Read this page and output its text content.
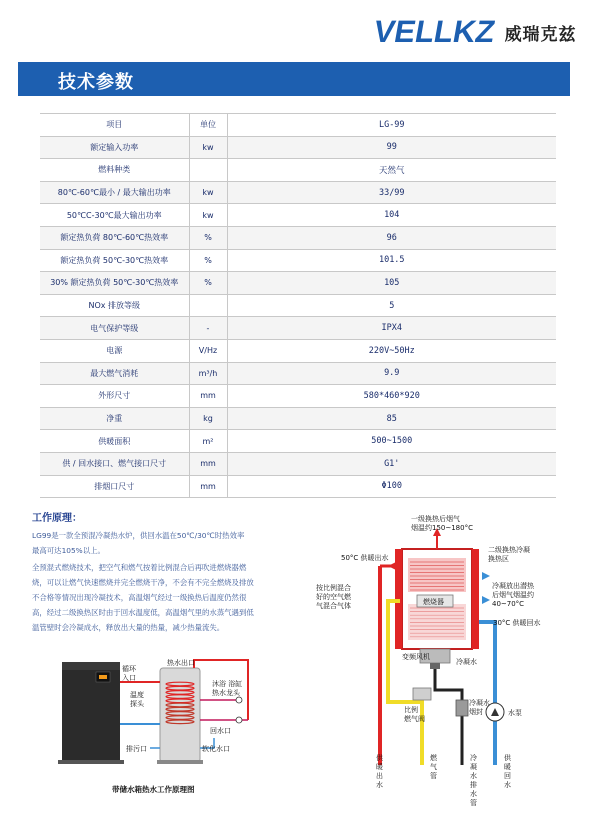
VELLKZ 威瑞克兹
技术参数
项目	单位	LG-99
额定输入功率	kw	99
燃料种类		天然气
80℃-60℃最小 / 最大输出功率	kw	33/99
50℃C-30℃最大输出功率	kw	104
额定热负荷 80℃-60℃热效率	%	96
额定热负荷 50℃-30℃热效率	%	101.5
30% 额定热负荷 50℃-30℃热效率	%	105
NOx 排放等级		5
电气保护等级	-	IPX4
电源	V/Hz	220V~50Hz
最大燃气消耗	m³/h	9.9
外形尺寸	mm	580*460*920
净重	kg	85
供暖面积	m²	500~1500
供 / 回水接口、燃气接口尺寸	mm	G1'
排烟口尺寸	mm	Φ100
工作原理：
LG99是一款全预混冷凝热水炉，供回水温在50℃/30℃时热效率
最高可达105%以上。
全预混式燃烧技术，把空气和燃气按着比例混合后再吹进燃烧器燃
烧，可以让燃气快速燃烧并完全燃烧干净，不会有不完全燃烧及排放
不合格等情况出现冷凝技术，高温烟气经过一级换热后温度仍然很
高，经过二级换热区时由于回水温度低，高温烟气里的水蒸气遇到低
温管壁时会冷凝成水，释放出大量的热量，减少热量流失。
循环入口
温度探头
热水出口
沐浴 浴缸热水龙头
回水口
排污口	软化水口
带储水箱热水工作原理图
燃烧器
一级换热后烟气烟温约150~180°C
50°C 供暖出水
二级换热冷凝换热区
按比例混合好的空气燃气混合气体
冷凝放出潜热后烟气烟温约 40~70°C
30°C 供暖回水
变频风机
冷凝水
比例燃气阀
冷凝水烟封	水泵
供暖出水
燃气管
冷凝水排水管
供暖回水
